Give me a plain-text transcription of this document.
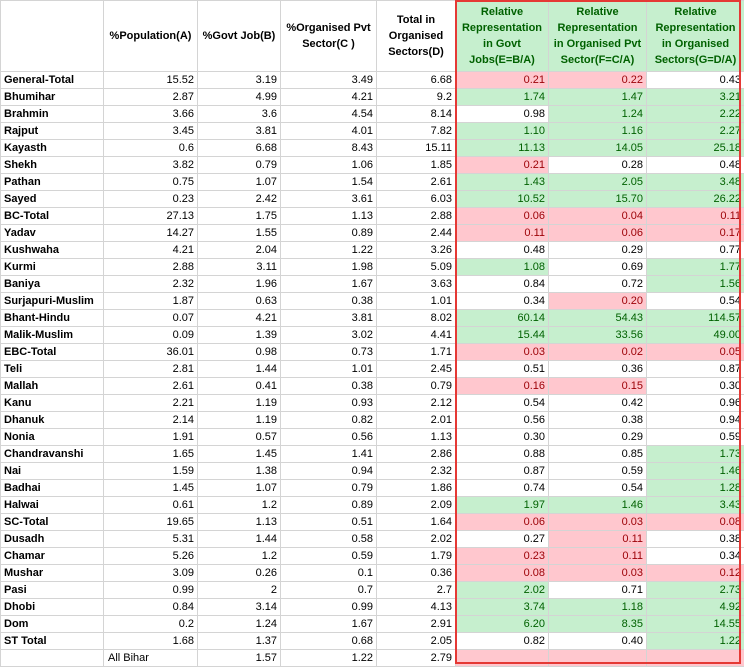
	%Population(A)	%Govt Job(B)	%Organised Pvt Sector(C )	Total in Organised Sectors(D)	Relative Representation in Govt Jobs(E=B/A)	Relative Representation in Organised Pvt Sector(F=C/A)	Relative Representation in Organised Sectors(G=D/A)
General-Total	15.52	3.19	3.49	6.68	0.21	0.22	0.43
Bhumihar	2.87	4.99	4.21	9.2	1.74	1.47	3.21
Brahmin	3.66	3.6	4.54	8.14	0.98	1.24	2.22
Rajput	3.45	3.81	4.01	7.82	1.10	1.16	2.27
Kayasth	0.6	6.68	8.43	15.11	11.13	14.05	25.18
Shekh	3.82	0.79	1.06	1.85	0.21	0.28	0.48
Pathan	0.75	1.07	1.54	2.61	1.43	2.05	3.48
Sayed	0.23	2.42	3.61	6.03	10.52	15.70	26.22
BC-Total	27.13	1.75	1.13	2.88	0.06	0.04	0.11
Yadav	14.27	1.55	0.89	2.44	0.11	0.06	0.17
Kushwaha	4.21	2.04	1.22	3.26	0.48	0.29	0.77
Kurmi	2.88	3.11	1.98	5.09	1.08	0.69	1.77
Baniya	2.32	1.96	1.67	3.63	0.84	0.72	1.56
Surjapuri-Muslim	1.87	0.63	0.38	1.01	0.34	0.20	0.54
Bhant-Hindu	0.07	4.21	3.81	8.02	60.14	54.43	114.57
Malik-Muslim	0.09	1.39	3.02	4.41	15.44	33.56	49.00
EBC-Total	36.01	0.98	0.73	1.71	0.03	0.02	0.05
Teli	2.81	1.44	1.01	2.45	0.51	0.36	0.87
Mallah	2.61	0.41	0.38	0.79	0.16	0.15	0.30
Kanu	2.21	1.19	0.93	2.12	0.54	0.42	0.96
Dhanuk	2.14	1.19	0.82	2.01	0.56	0.38	0.94
Nonia	1.91	0.57	0.56	1.13	0.30	0.29	0.59
Chandravanshi	1.65	1.45	1.41	2.86	0.88	0.85	1.73
Nai	1.59	1.38	0.94	2.32	0.87	0.59	1.46
Badhai	1.45	1.07	0.79	1.86	0.74	0.54	1.28
Halwai	0.61	1.2	0.89	2.09	1.97	1.46	3.43
SC-Total	19.65	1.13	0.51	1.64	0.06	0.03	0.08
Dusadh	5.31	1.44	0.58	2.02	0.27	0.11	0.38
Chamar	5.26	1.2	0.59	1.79	0.23	0.11	0.34
Mushar	3.09	0.26	0.1	0.36	0.08	0.03	0.12
Pasi	0.99	2	0.7	2.7	2.02	0.71	2.73
Dhobi	0.84	3.14	0.99	4.13	3.74	1.18	4.92
Dom	0.2	1.24	1.67	2.91	6.20	8.35	14.55
ST Total	1.68	1.37	0.68	2.05	0.82	0.40	1.22
	All Bihar	1.57	1.22	2.79			
